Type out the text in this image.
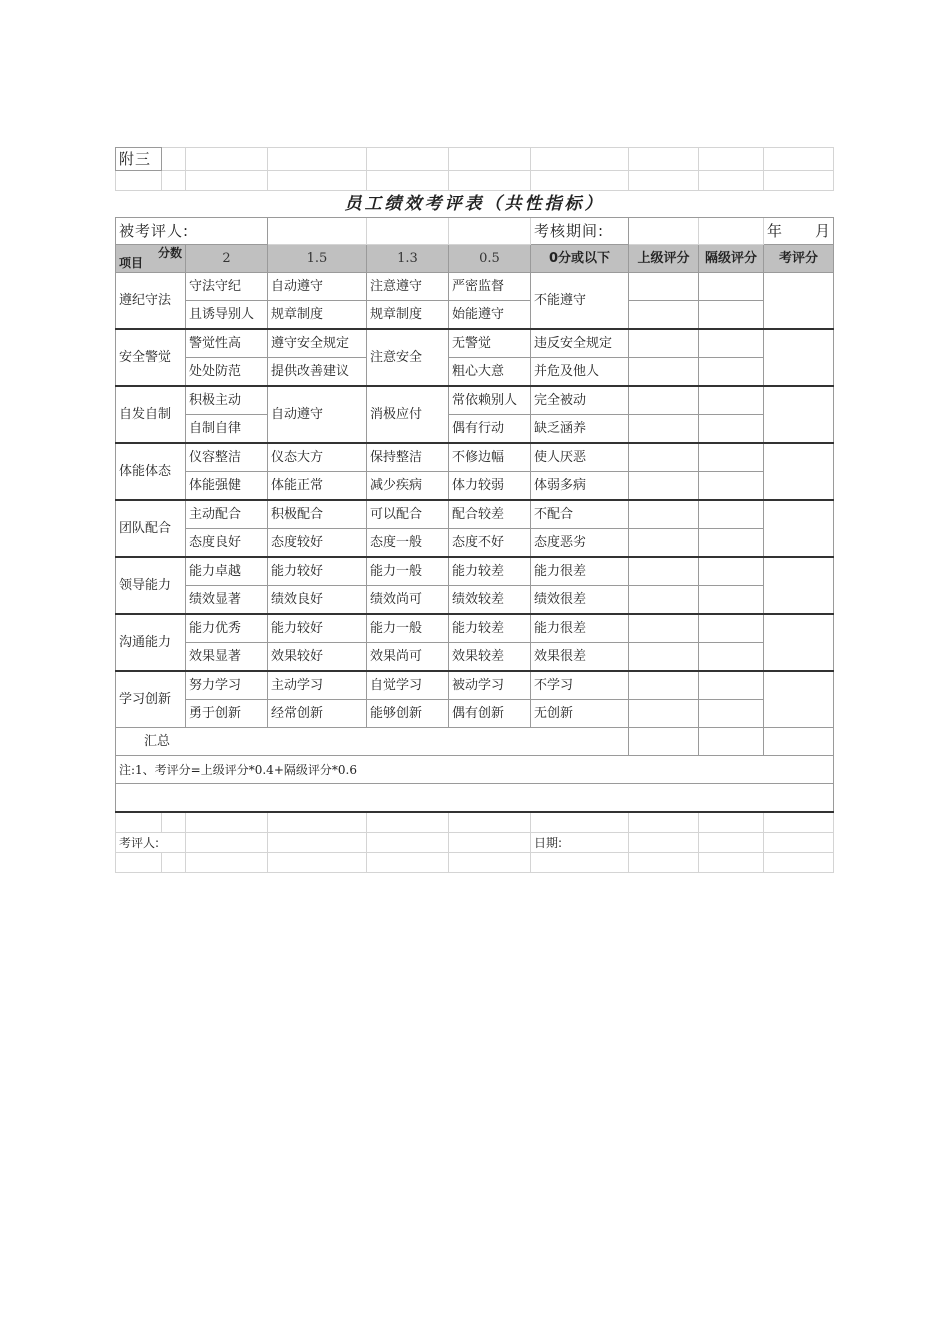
附三									

员工绩效考评表（共性指标）									
被考评人:						考核期间:			年　　月

分数
项目		2	1.5	1.3	0.5	0分或以下	上级评分	隔级评分	考评分
遵纪守法		守法守纪	自动遵守	注意遵守	严密监督	不能遵守			
		且诱导别人	规章制度	规章制度	始能遵守				
安全警觉		警觉性高	遵守安全规定	注意安全	无警觉	违反安全规定			
		处处防范	提供改善建议		粗心大意	并危及他人			
自发自制		积极主动	自动遵守	消极应付	常依赖别人	完全被动			
		自制自律			偶有行动	缺乏涵养			
体能体态		仪容整洁	仪态大方	保持整洁	不修边幅	使人厌恶			
		体能强健	体能正常	减少疾病	体力较弱	体弱多病			
团队配合		主动配合	积极配合	可以配合	配合较差	不配合			
		态度良好	态度较好	态度一般	态度不好	态度恶劣			
领导能力		能力卓越	能力较好	能力一般	能力较差	能力很差			
		绩效显著	绩效良好	绩效尚可	绩效较差	绩效很差			
沟通能力		能力优秀	能力较好	能力一般	能力较差	能力很差			
		效果显著	效果较好	效果尚可	效果较差	效果很差			
学习创新		努力学习	主动学习	自觉学习	被动学习	不学习			
		勇于创新	经常创新	能够创新	偶有创新	无创新			
汇总									
注:1、考评分=上级评分*0.4+隔级评分*0.6									

考评人:						日期:			
